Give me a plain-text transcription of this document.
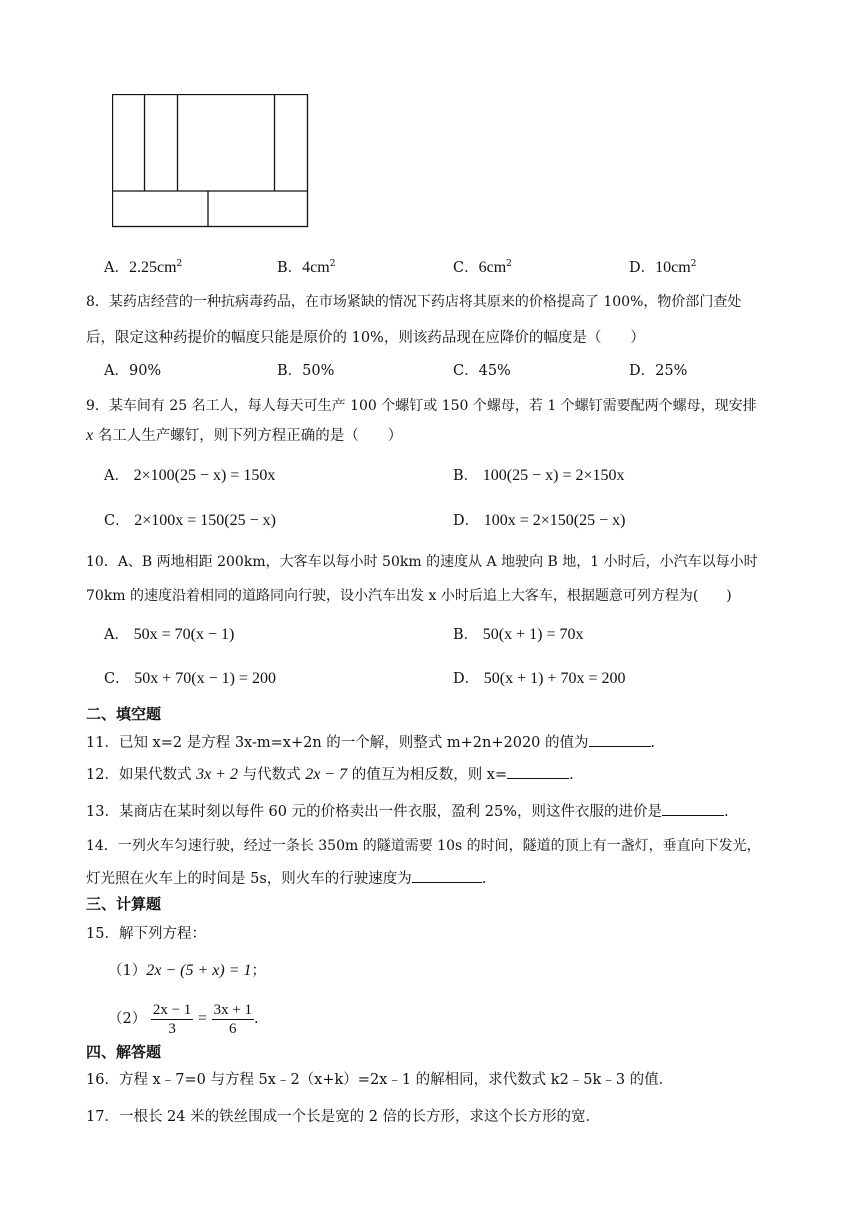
A．$2.25cm^2$	B．$4cm^2$	C．$6cm^2$	D．$10cm^2$
8．某药店经营的一种抗病毒药品，在市场紧缺的情况下药店将其原来的价格提高了 100%，物价部门查处
后，限定这种药提价的幅度只能是原价的 10%，则该药品现在应降价的幅度是（　　）
A．90%	B．50%	C．45%	D．25%
9．某车间有 25 名工人，每人每天可生产 100 个螺钉或 150 个螺母，若 1 个螺钉需要配两个螺母，现安排
x 名工人生产螺钉，则下列方程正确的是（　　）
A． 2×100(25 − x) = 150x	B． 100(25 − x) = 2×150x
C． 2×100x = 150(25 − x)	D． 100x = 2×150(25 − x)
10．A、B 两地相距 200km，大客车以每小时 50km 的速度从 A 地驶向 B 地，1 小时后，小汽车以每小时
70km 的速度沿着相同的道路同向行驶，设小汽车出发 x 小时后追上大客车，根据题意可列方程为(　　)
A． 50x = 70(x − 1)	B． 50(x + 1) = 70x
C． 50x + 70(x − 1) = 200	D． 50(x + 1) + 70x = 200
二、填空题
11．已知 x=2 是方程 3x-m=x+2n 的一个解，则整式 m+2n+2020 的值为	.
12．如果代数式 3x + 2 与代数式 2x − 7 的值互为相反数，则 x=	.
13．某商店在某时刻以每件 60 元的价格卖出一件衣服，盈利 25%，则这件衣服的进价是	.
14．一列火车匀速行驶，经过一条长 350m 的隧道需要 10s 的时间，隧道的顶上有一盏灯，垂直向下发光，
灯光照在火车上的时间是 5s，则火车的行驶速度为	.
三、计算题
15．解下列方程：
（1）2x − (5 + x) = 1；
$(2) \frac{2x - 1}{3} = \frac{3x + 1}{6}$ .
四、解答题
16．方程 x﹣7=0 与方程 5x﹣2（x+k）=2x﹣1 的解相同，求代数式 k2﹣5k﹣3 的值．
17．一根长 24 米的铁丝围成一个长是宽的 2 倍的长方形，求这个长方形的宽．
